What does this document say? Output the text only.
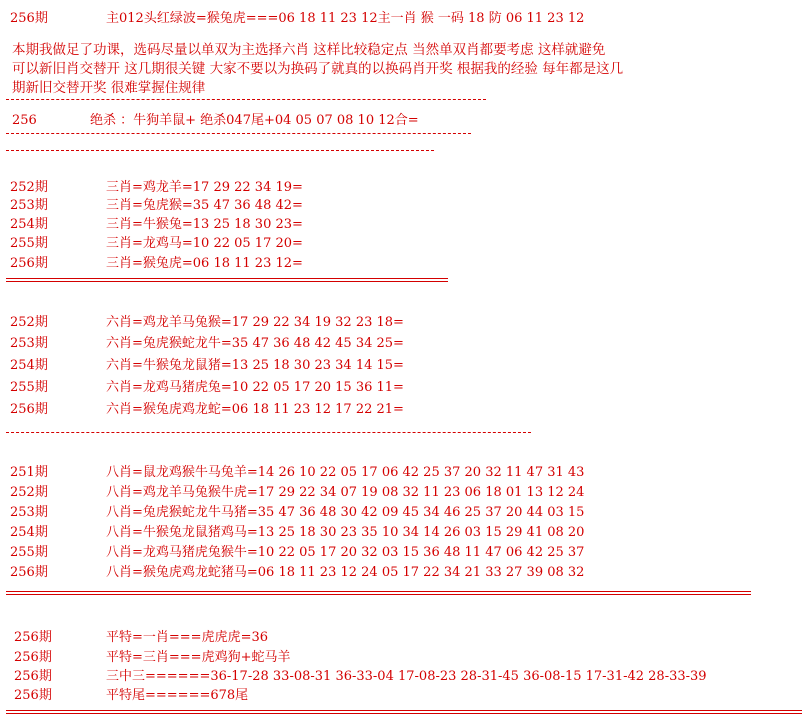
256期	主012头红绿波=猴兔虎===06 18 11 23 12主一肖 猴 一码 18 防 06 11 23 12
本期我做足了功课，选码尽量以单双为主选择六肖 这样比较稳定点 当然单双肖都要考虑 这样就避免
可以新旧肖交替开 这几期很关键 大家不要以为换码了就真的以换码肖开奖 根据我的经验 每年都是这几
期新旧交替开奖 很难掌握住规律
256	绝杀 ：牛狗羊鼠+ 绝杀047尾+04 05 07 08 10 12合=
252期	三肖=鸡龙羊=17 29 22 34 19=
253期	三肖=兔虎猴=35 47 36 48 42=
254期	三肖=牛猴兔=13 25 18 30 23=
255期	三肖=龙鸡马=10 22 05 17 20=
256期	三肖=猴兔虎=06 18 11 23 12=
252期	六肖=鸡龙羊马兔猴=17 29 22 34 19 32 23 18=
253期	六肖=兔虎猴蛇龙牛=35 47 36 48 42 45 34 25=
254期	六肖=牛猴兔龙鼠猪=13 25 18 30 23 34 14 15=
255期	六肖=龙鸡马猪虎兔=10 22 05 17 20 15 36 11=
256期	六肖=猴兔虎鸡龙蛇=06 18 11 23 12 17 22 21=
251期	八肖=鼠龙鸡猴牛马兔羊=14 26 10 22 05 17 06 42 25 37 20 32 11 47 31 43
252期	八肖=鸡龙羊马兔猴牛虎=17 29 22 34 07 19 08 32 11 23 06 18 01 13 12 24
253期	八肖=兔虎猴蛇龙牛马猪=35 47 36 48 30 42 09 45 34 46 25 37 20 44 03 15
254期	八肖=牛猴兔龙鼠猪鸡马=13 25 18 30 23 35 10 34 14 26 03 15 29 41 08 20
255期	八肖=龙鸡马猪虎兔猴牛=10 22 05 17 20 32 03 15 36 48 11 47 06 42 25 37
256期	八肖=猴兔虎鸡龙蛇猪马=06 18 11 23 12 24 05 17 22 34 21 33 27 39 08 32
256期	平特=一肖===虎虎虎=36
256期	平特=三肖===虎鸡狗+蛇马羊
256期	三中三======36-17-28 33-08-31 36-33-04 17-08-23 28-31-45 36-08-15 17-31-42 28-33-39
256期	平特尾======678尾
